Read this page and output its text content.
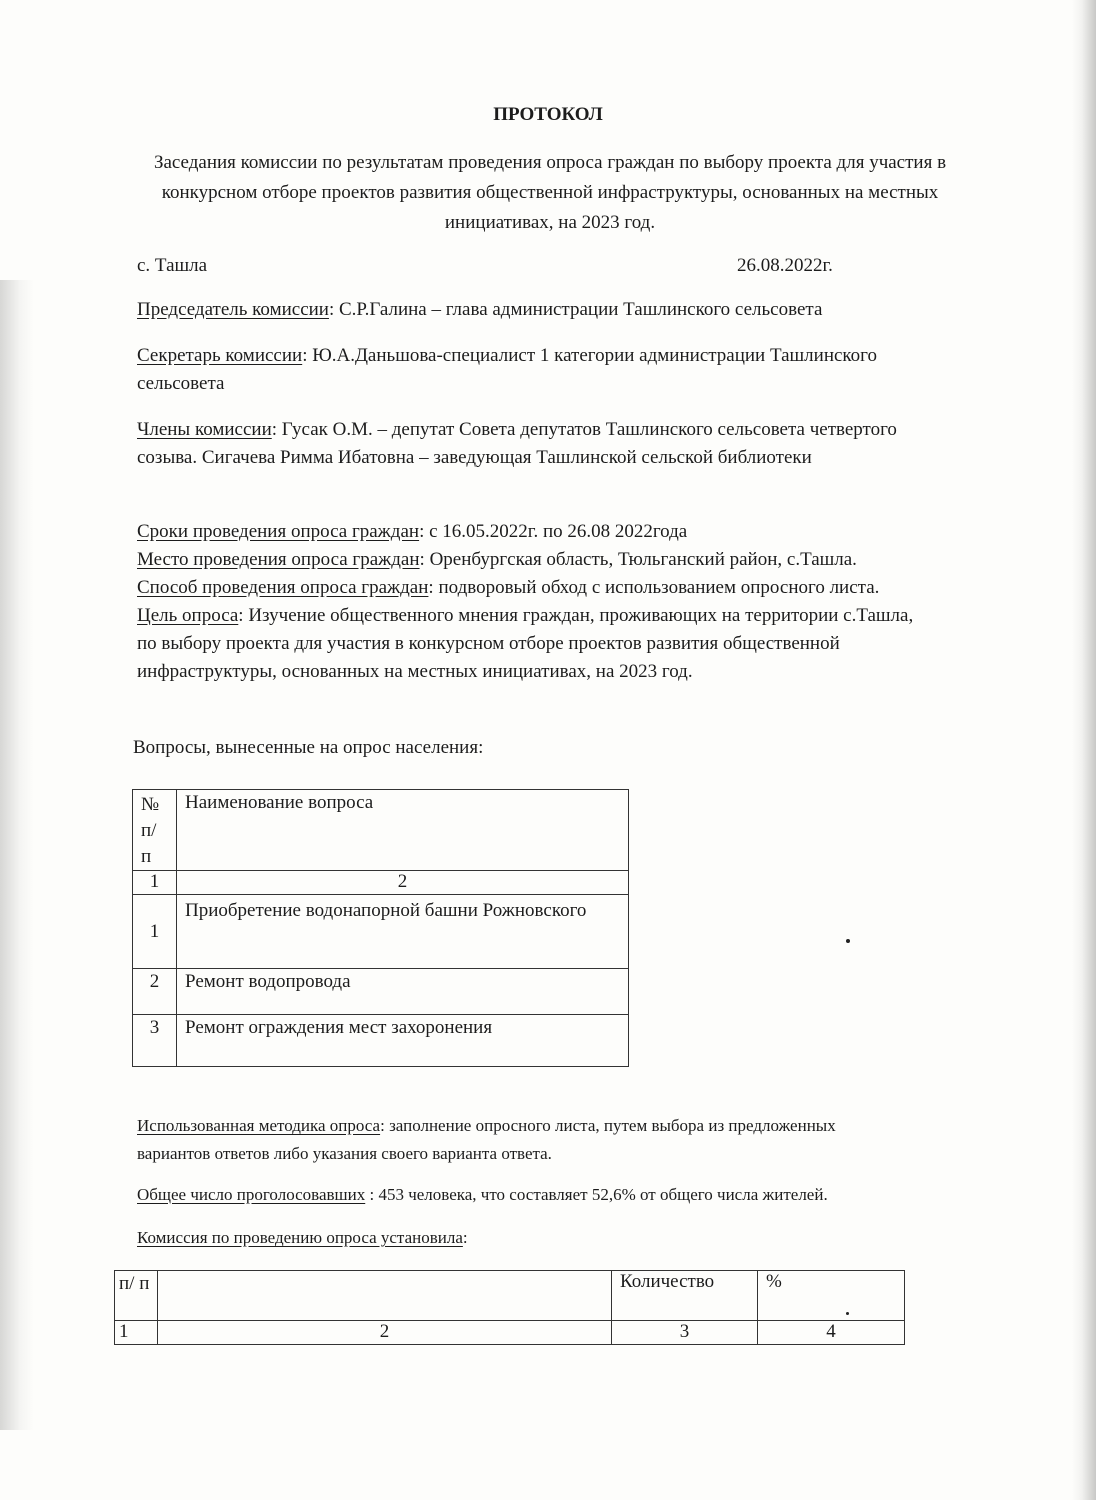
ПРОТОКОЛ
Заседания комиссии по результатам проведения опроса граждан по выбору проекта для участия в конкурсном отборе проектов развития общественной инфраструктуры, основанных на местных инициативах, на 2023 год.
с. Ташла	26.08.2022г.
Председатель комиссии: С.Р.Галина – глава администрации Ташлинского сельсовета
Секретарь комиссии: Ю.А.Даньшова-специалист 1 категории администрации Ташлинского сельсовета
Члены комиссии: Гусак О.М. – депутат Совета депутатов Ташлинского сельсовета четвертого созыва. Сигачева Римма Ибатовна – заведующая Ташлинской сельской библиотеки
Сроки проведения опроса граждан: с 16.05.2022г. по 26.08 2022года
Место проведения опроса граждан: Оренбургская область, Тюльганский район, с.Ташла.
Способ проведения опроса граждан: подворовый обход с использованием опросного листа.
Цель опроса: Изучение общественного мнения граждан, проживающих на территории с.Ташла, по выбору проекта для участия в конкурсном отборе проектов развития общественной инфраструктуры, основанных на местных инициативах, на 2023 год.
Вопросы, вынесенные на опрос населения:
№ п/ п	Наименование вопроса
1	2
1	Приобретение водонапорной башни Рожновского
2	Ремонт водопровода
3	Ремонт ограждения мест захоронения
Использованная методика опроса: заполнение опросного листа, путем выбора из предложенных вариантов ответов либо указания своего варианта ответа.
Общее число проголосовавших : 453 человека, что составляет 52,6% от общего числа жителей.
Комиссия по проведению опроса установила:
п/ п		Количество	%
1	2	3	4
